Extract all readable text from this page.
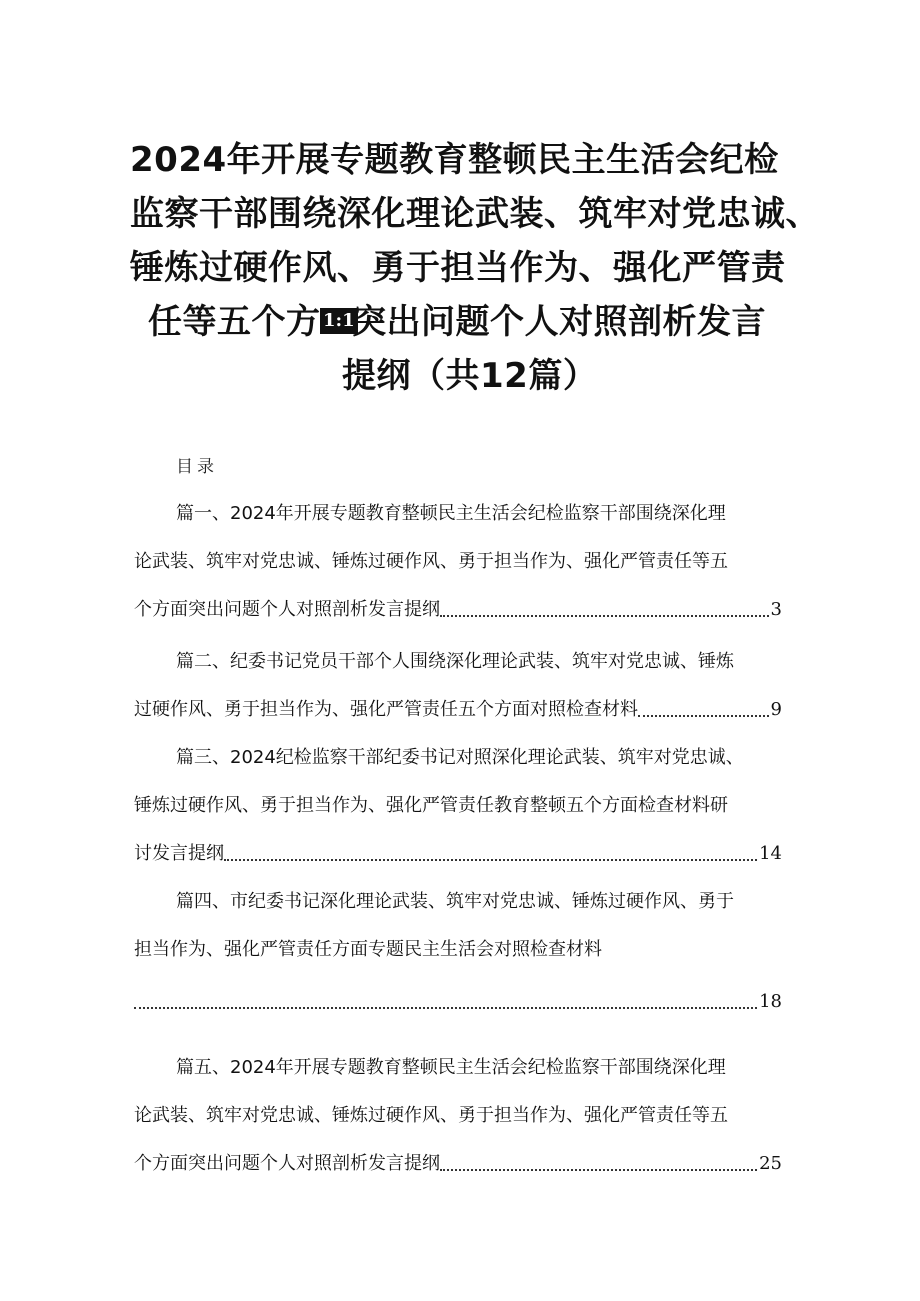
2024年开展专题教育整顿民主生活会纪检
监察干部围绕深化理论武装、筑牢对党忠诚、
锤炼过硬作风、勇于担当作为、强化严管责
任等五个方 1:1
突出问题个人对照剖析发言
提纲（共12篇）
目录
篇一、2024年开展专题教育整顿民主生活会纪检监察干部围绕深化理
论武装、筑牢对党忠诚、锤炼过硬作风、勇于担当作为、强化严管责任等五
个方面突出问题个人对照剖析发言提纲	3
篇二、纪委书记党员干部个人围绕深化理论武装、筑牢对党忠诚、锤炼
过硬作风、勇于担当作为、强化严管责任五个方面对照检查材料	9
篇三、2024纪检监察干部纪委书记对照深化理论武装、筑牢对党忠诚、
锤炼过硬作风、勇于担当作为、强化严管责任教育整顿五个方面检查材料研
讨发言提纲	14
篇四、市纪委书记深化理论武装、筑牢对党忠诚、锤炼过硬作风、勇于
担当作为、强化严管责任方面专题民主生活会对照检查材料
18
篇五、2024年开展专题教育整顿民主生活会纪检监察干部围绕深化理
论武装、筑牢对党忠诚、锤炼过硬作风、勇于担当作为、强化严管责任等五
个方面突出问题个人对照剖析发言提纲	25
